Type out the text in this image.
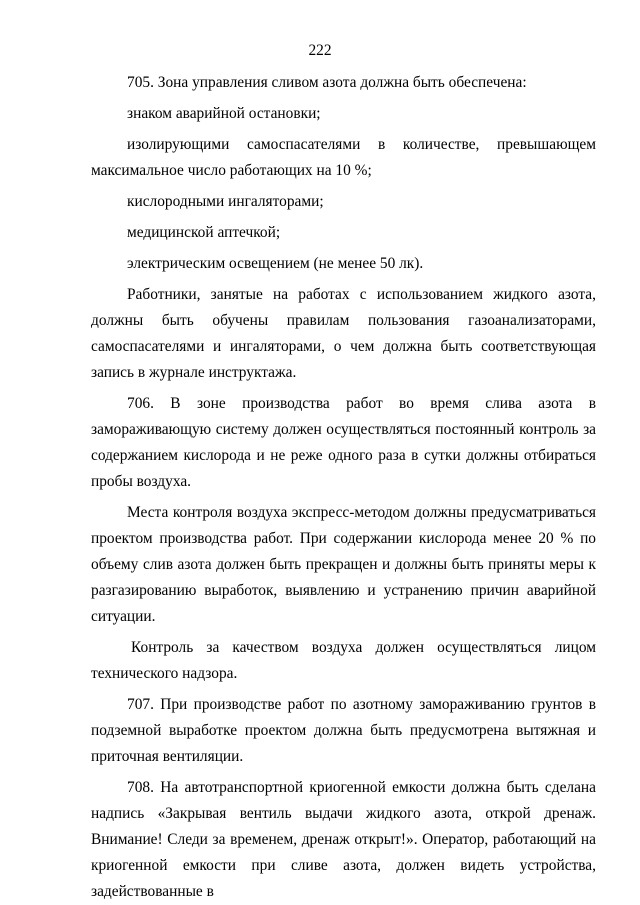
222

705. Зона управления сливом азота должна быть обеспечена:

знаком аварийной остановки;

изолирующими самоспасателями в количестве, превышающем максимальное число работающих на 10 %;

кислородными ингаляторами;

медицинской аптечкой;

электрическим освещением (не менее 50 лк).

Работники, занятые на работах с использованием жидкого азота, должны быть обучены правилам пользования газоанализаторами, самоспасателями и ингаляторами, о чем должна быть соответствующая запись в журнале инструктажа.

706. В зоне производства работ во время слива азота в замораживающую систему должен осуществляться постоянный контроль за содержанием кислорода и не реже одного раза в сутки должны отбираться пробы воздуха.

Места контроля воздуха экспресс-методом должны предусматриваться проектом производства работ. При содержании кислорода менее 20 % по объему слив азота должен быть прекращен и должны быть приняты меры к разгазированию выработок, выявлению и устранению причин аварийной ситуации.

Контроль за качеством воздуха должен осуществляться лицом технического надзора.

707. При производстве работ по азотному замораживанию грунтов в подземной выработке проектом должна быть предусмотрена вытяжная и приточная вентиляции.

708. На автотранспортной криогенной емкости должна быть сделана надпись «Закрывая вентиль выдачи жидкого азота, открой дренаж. Внимание! Следи за временем, дренаж открыт!». Оператор, работающий на криогенной емкости при сливе азота, должен видеть устройства, задействованные в
